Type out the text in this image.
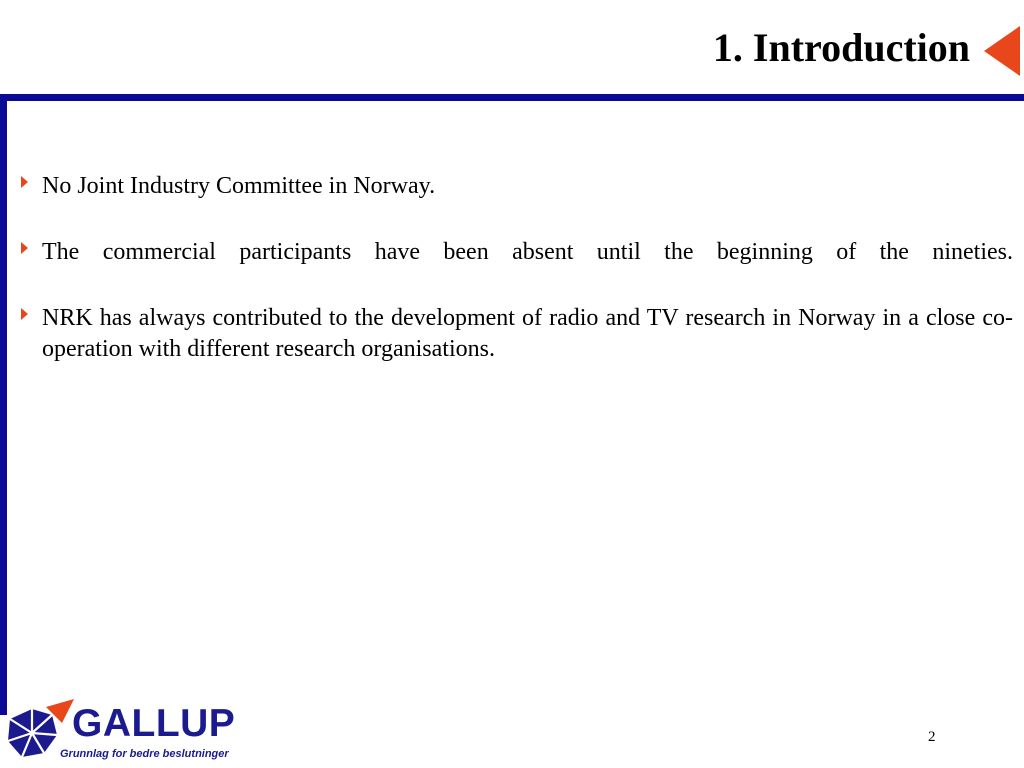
1. Introduction
No Joint Industry Committee in Norway.
The commercial participants have been absent until the beginning of the nineties.
NRK has always contributed to the development of radio and TV research in Norway in a close co-operation with different research organisations.
GALLUP
Grunnlag for bedre beslutninger
2
